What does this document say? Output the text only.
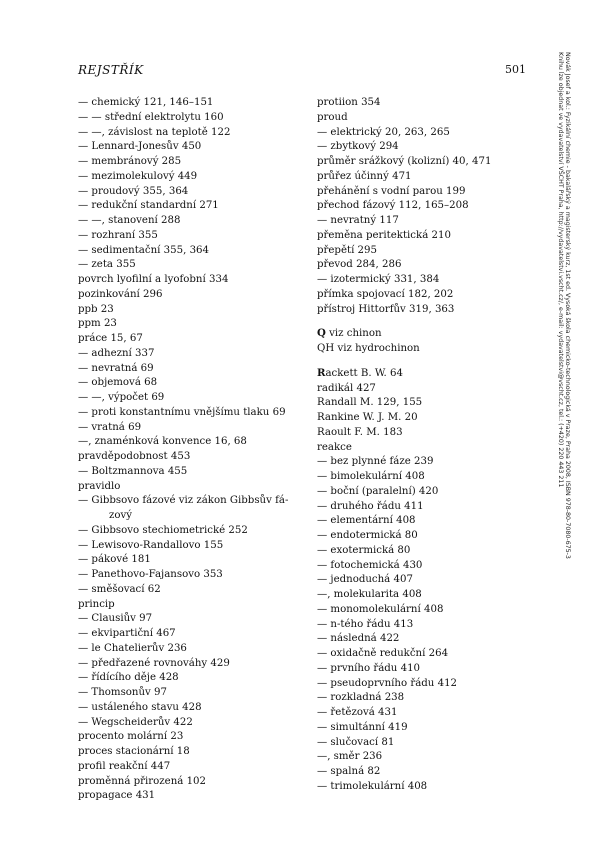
REJSTŘÍK	501
— chemický 121, 146–151
— — střední elektrolytu 160
— —, závislost na teplotě 122
— Lennard-Jonesův 450
— membránový 285
— mezimolekulový 449
— proudový 355, 364
— redukční standardní 271
— —, stanovení 288
— rozhraní 355
— sedimentační 355, 364
— zeta 355
povrch lyofilní a lyofobní 334
pozinkování 296
ppb 23
ppm 23
práce 15, 67
— adhezní 337
— nevratná 69
— objemová 68
— —, výpočet 69
— proti konstantnímu vnějšímu tlaku 69
— vratná 69
—, znaménková konvence 16, 68
pravděpodobnost 453
— Boltzmannova 455
pravidlo
— Gibbsovo fázové viz zákon Gibbsův fá-
zový
— Gibbsovo stechiometrické 252
— Lewisovo-Randallovo 155
— pákové 181
— Panethovo-Fajansovo 353
— směšovací 62
princip
— Clausiův 97
— ekvipartiční 467
— le Chatelierův 236
— předřazené rovnováhy 429
— řídícího děje 428
— Thomsonův 97
— ustáleného stavu 428
— Wegscheiderův 422
procento molární 23
proces stacionární 18
profil reakční 447
proměnná přirozená 102
propagace 431
protiion 354
proud
— elektrický 20, 263, 265
— zbytkový 294
průměr srážkový (kolizní) 40, 471
průřez účinný 471
přehánění s vodní parou 199
přechod fázový 112, 165–208
— nevratný 117
přeměna peritektická 210
přepětí 295
převod 284, 286
— izotermický 331, 384
přímka spojovací 182, 202
přístroj Hittorfův 319, 363
Q viz chinon
QH viz hydrochinon
Rackett B. W. 64
radikál 427
Randall M. 129, 155
Rankine W. J. M. 20
Raoult F. M. 183
reakce
— bez plynné fáze 239
— bimolekulární 408
— boční (paralelní) 420
— druhého řádu 411
— elementární 408
— endotermická 80
— exotermická 80
— fotochemická 430
— jednoduchá 407
—, molekularita 408
— monomolekulární 408
— n-tého řádu 413
— následná 422
— oxidačně redukční 264
— prvního řádu 410
— pseudoprvního řádu 412
— rozkladná 238
— řetězová 431
— simultánní 419
— slučovací 81
—, směr 236
— spalná 82
— trimolekulární 408
Novák Josef a kol.: Fyzikální chemie - bakalářský a magisterský kurz, 1st ed. Vysoká škola chemicko-technologická v Praze, Praha 2008, ISBN 978-80-7080-675-3
Knihu lze objednat ve vydavatelství VŠCHT Praha, http://vydavatelstvi.vscht.cz/, e-mail: vydavatelstvi@vscht.cz, tel.: (+420) 220 443 211
